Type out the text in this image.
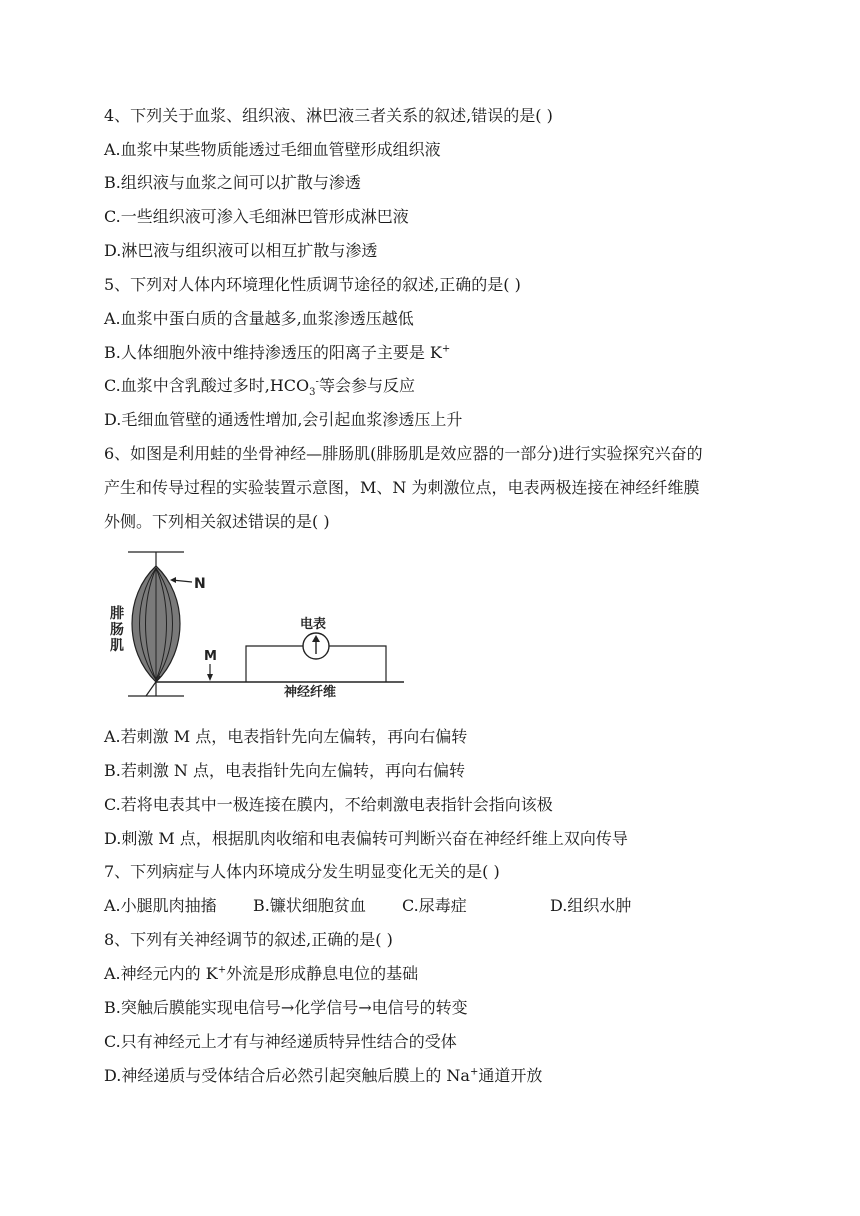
4、下列关于血浆、组织液、淋巴液三者关系的叙述,错误的是( )
A.血浆中某些物质能透过毛细血管壁形成组织液
B.组织液与血浆之间可以扩散与渗透
C.一些组织液可渗入毛细淋巴管形成淋巴液
D.淋巴液与组织液可以相互扩散与渗透
5、下列对人体内环境理化性质调节途径的叙述,正确的是( )
A.血浆中蛋白质的含量越多,血浆渗透压越低
B.人体细胞外液中维持渗透压的阳离子主要是 K+
C.血浆中含乳酸过多时$,HCO_3^-$等会参与反应
D.毛细血管壁的通透性增加,会引起血浆渗透压上升
6、如图是利用蛙的坐骨神经—腓肠肌(腓肠肌是效应器的一部分)进行实验探究兴奋的
产生和传导过程的实验装置示意图，M、N 为刺激位点，电表两极连接在神经纤维膜
外侧。下列相关叙述错误的是( )
N
腓
肠
肌
神经纤维
M
电表
A.若刺激 M 点，电表指针先向左偏转，再向右偏转
B.若刺激 N 点，电表指针先向左偏转，再向右偏转
C.若将电表其中一极连接在膜内，不给刺激电表指针会指向该极
D.刺激 M 点，根据肌肉收缩和电表偏转可判断兴奋在神经纤维上双向传导
7、下列病症与人体内环境成分发生明显变化无关的是( )
A.小腿肌肉抽搐 B.镰状细胞贫血 C.尿毒症	D.组织水肿
8、下列有关神经调节的叙述,正确的是( )
A.神经元内的 K+外流是形成静息电位的基础
B.突触后膜能实现电信号→化学信号→电信号的转变
C.只有神经元上才有与神经递质特异性结合的受体
D.神经递质与受体结合后必然引起突触后膜上的 Na+通道开放
